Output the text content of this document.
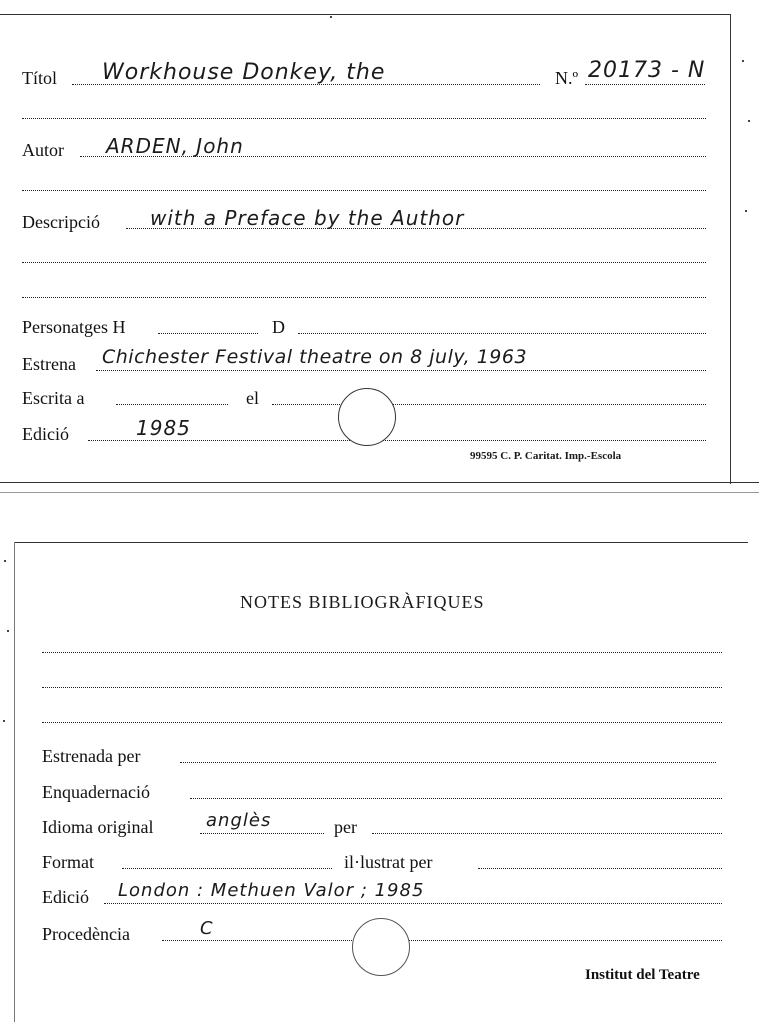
Títol Workhouse Donkey, the	N.º 20173 - N
Autor ARDEN, John
Descripció	with a Preface by the Author
Personatges H	D
Estrena Chichester Festival theatre on 8 july, 1963
Escrita a	el
Edició	1985
99595 C. P. Caritat. Imp.-Escola
NOTES BIBLIOGRÀFIQUES
Estrenada per
Enquadernació
Idioma original	anglès	per
Format	il·lustrat per
Edició London : Methuen Valor ; 1985
Procedència	C
Institut del Teatre
